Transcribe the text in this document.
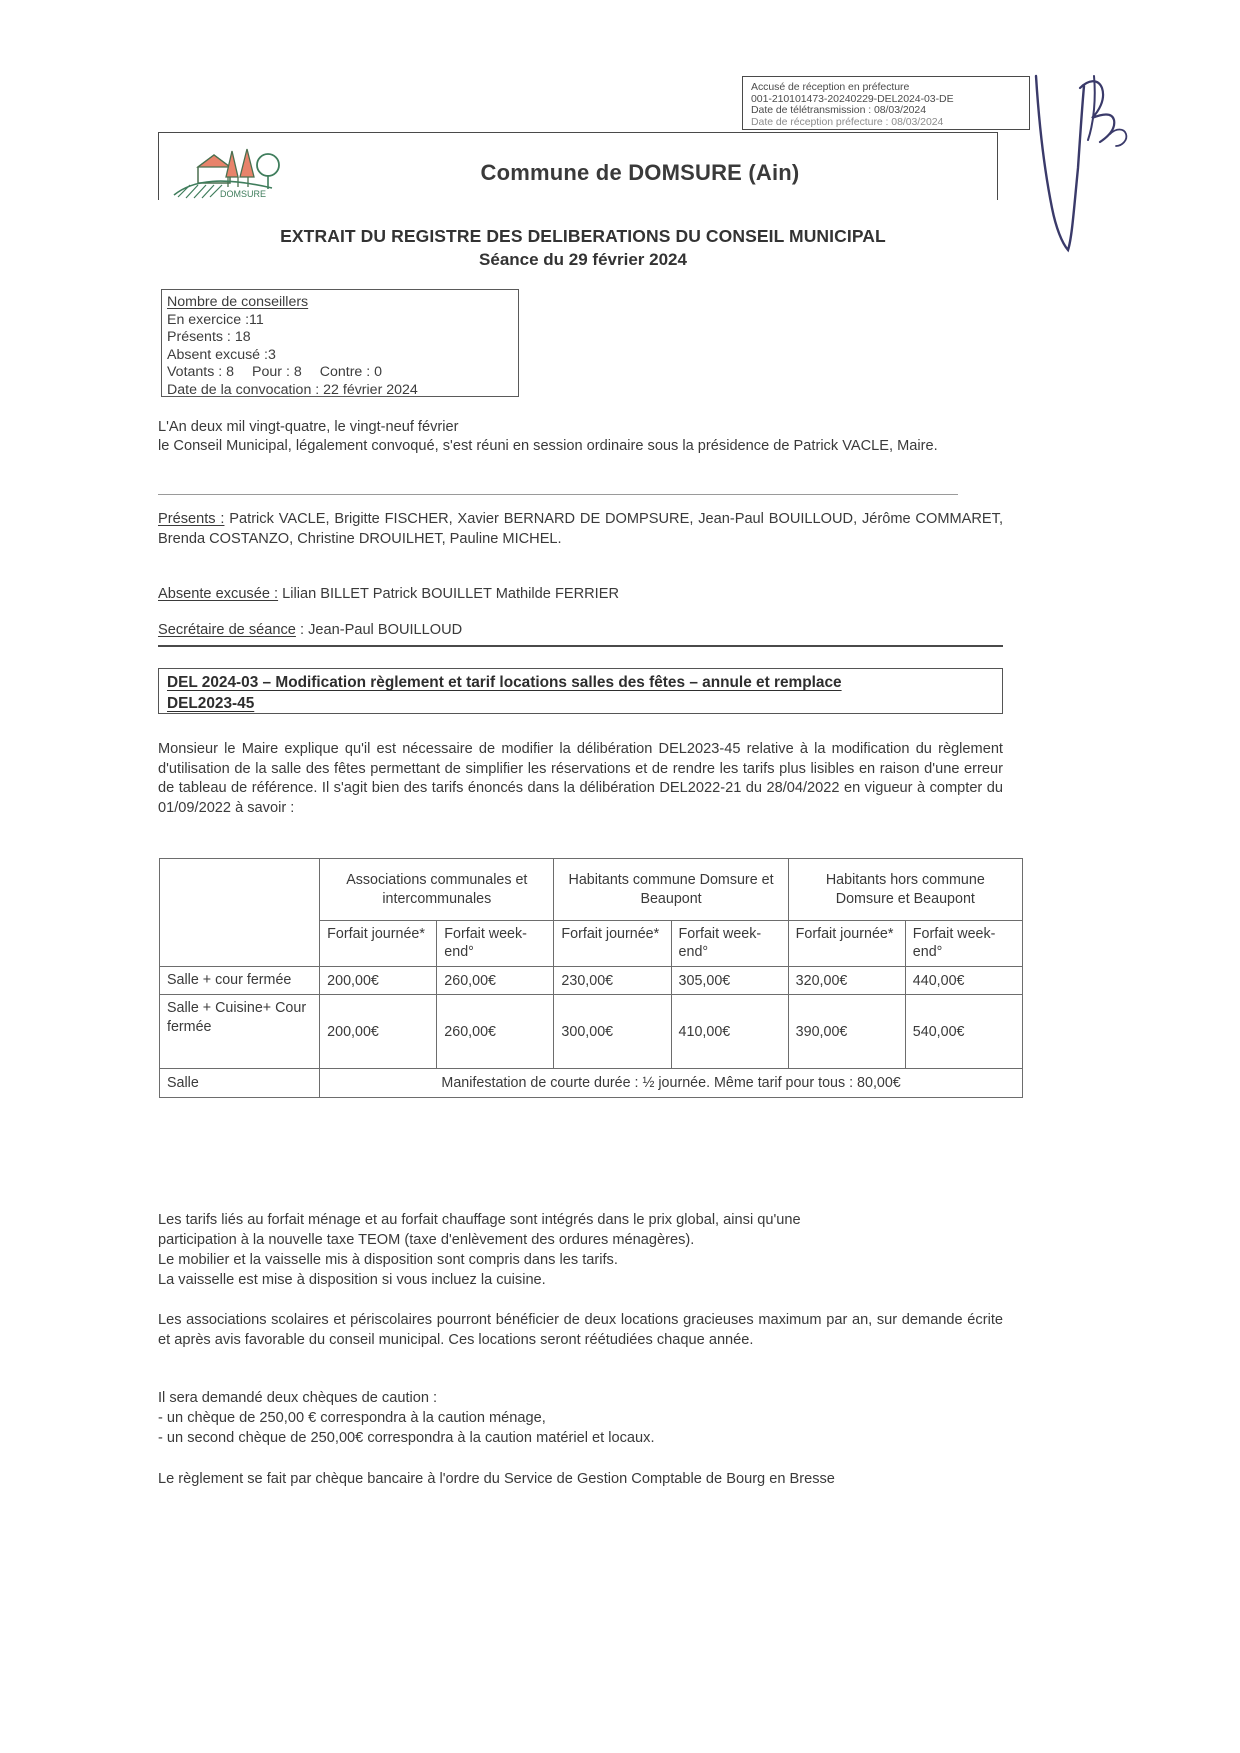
Accusé de réception en préfecture
001-210101473-20240229-DEL2024-03-DE
Date de télétransmission : 08/03/2024
Date de réception préfecture : 08/03/2024
DOMSURE
Commune de DOMSURE (Ain)
EXTRAIT DU REGISTRE DES DELIBERATIONS DU CONSEIL MUNICIPAL
Séance du 29 février 2024
Nombre de conseillers
En exercice :11
Présents : 18
Absent excusé :3
Votants : 8 Pour : 8 Contre : 0
Date de la convocation : 22 février 2024
L'An deux mil vingt-quatre, le vingt-neuf février
le Conseil Municipal, légalement convoqué, s'est réuni en session ordinaire sous la présidence de Patrick VACLE, Maire.
Présents : Patrick VACLE, Brigitte FISCHER, Xavier BERNARD DE DOMPSURE, Jean-Paul BOUILLOUD, Jérôme COMMARET, Brenda COSTANZO, Christine DROUILHET, Pauline MICHEL.
Absente excusée : Lilian BILLET Patrick BOUILLET Mathilde FERRIER
Secrétaire de séance : Jean-Paul BOUILLOUD
DEL 2024-03 – Modification règlement et tarif locations salles des fêtes – annule et remplace
DEL2023-45
Monsieur le Maire explique qu'il est nécessaire de modifier la délibération DEL2023-45 relative à la modification du règlement d'utilisation de la salle des fêtes permettant de simplifier les réservations et de rendre les tarifs plus lisibles en raison d'une erreur de tableau de référence. Il s'agit bien des tarifs énoncés dans la délibération DEL2022-21 du 28/04/2022 en vigueur à compter du 01/09/2022 à savoir :
	Associations communales et intercommunales		Habitants commune Domsure et Beaupont		Habitants hors commune Domsure et Beaupont	
	Forfait journée*	Forfait week-end°	Forfait journée*	Forfait week-end°	Forfait journée*	Forfait week-end°
Salle + cour fermée	200,00€	260,00€	230,00€	305,00€	320,00€	440,00€
Salle + Cuisine+ Cour fermée	200,00€	260,00€	300,00€	410,00€	390,00€	540,00€
Salle	Manifestation de courte durée : ½ journée. Même tarif pour tous : 80,00€					
Les tarifs liés au forfait ménage et au forfait chauffage sont intégrés dans le prix global, ainsi qu'une
participation à la nouvelle taxe TEOM (taxe d'enlèvement des ordures ménagères).
Le mobilier et la vaisselle mis à disposition sont compris dans les tarifs.
La vaisselle est mise à disposition si vous incluez la cuisine.
Les associations scolaires et périscolaires pourront bénéficier de deux locations gracieuses maximum par an, sur demande écrite et après avis favorable du conseil municipal. Ces locations seront réétudiées chaque année.
Il sera demandé deux chèques de caution :
- un chèque de 250,00 € correspondra à la caution ménage,
- un second chèque de 250,00€ correspondra à la caution matériel et locaux.
Le règlement se fait par chèque bancaire à l'ordre du Service de Gestion Comptable de Bourg en Bresse
